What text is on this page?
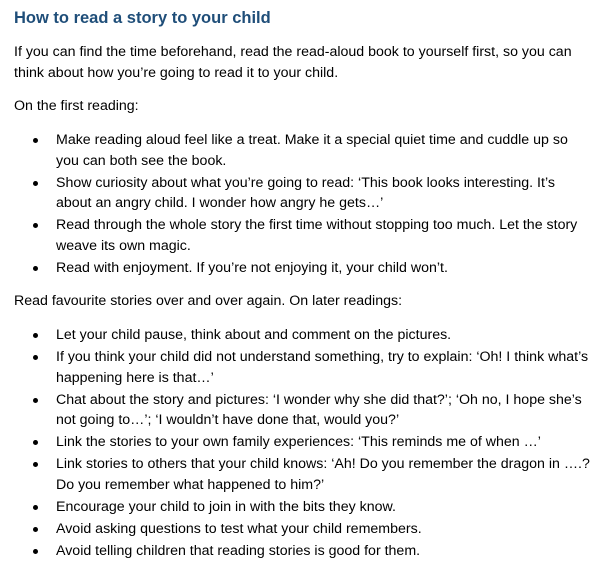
How to read a story to your child

If you can find the time beforehand, read the read-aloud book to yourself first, so you can think about how you’re going to read it to your child.

On the first reading:

Make reading aloud feel like a treat. Make it a special quiet time and cuddle up so you can both see the book.
Show curiosity about what you’re going to read: ‘This book looks interesting. It’s about an angry child. I wonder how angry he gets…’
Read through the whole story the first time without stopping too much. Let the story weave its own magic.
Read with enjoyment. If you’re not enjoying it, your child won’t.

Read favourite stories over and over again. On later readings:

Let your child pause, think about and comment on the pictures.
If you think your child did not understand something, try to explain: ‘Oh! I think what’s happening here is that…’
Chat about the story and pictures: ‘I wonder why she did that?’; ‘Oh no, I hope she’s not going to…’; ‘I wouldn’t have done that, would you?’
Link the stories to your own family experiences: ‘This reminds me of when …’
Link stories to others that your child knows: ‘Ah! Do you remember the dragon in ….? Do you remember what happened to him?’
Encourage your child to join in with the bits they know.
Avoid asking questions to test what your child remembers.
Avoid telling children that reading stories is good for them.
